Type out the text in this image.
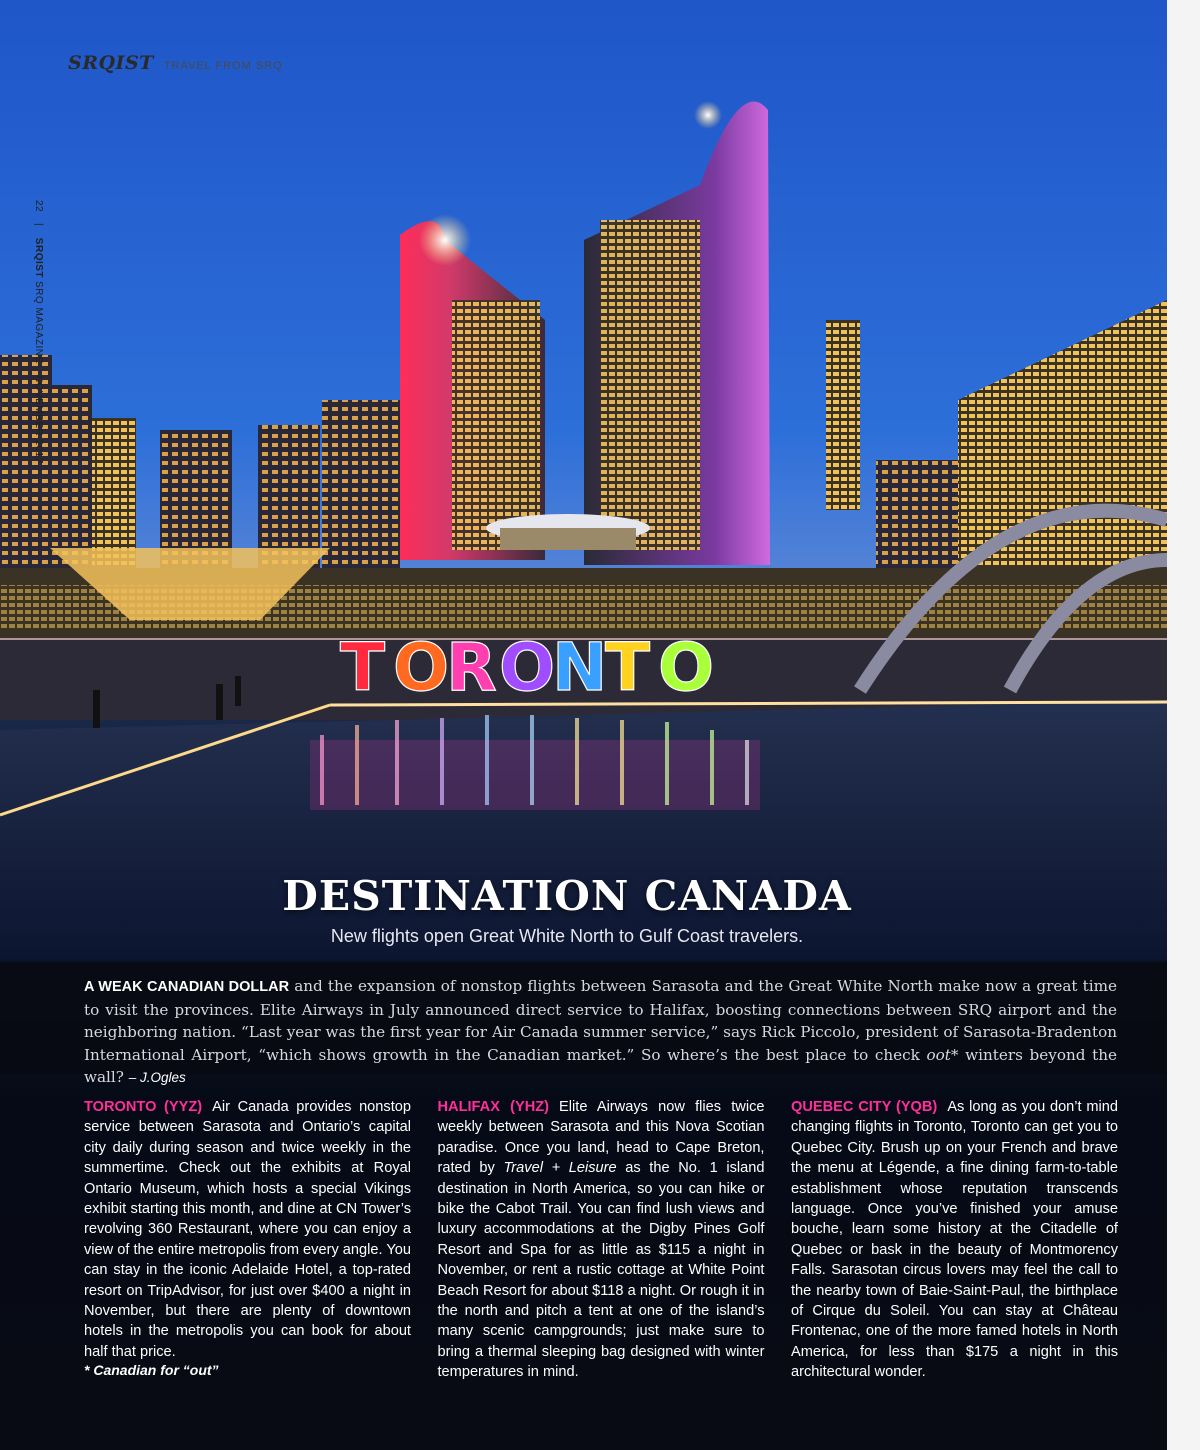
T O
R O
N
T O
SRQIST TRAVEL FROM SRQ
22 | SRQIST SRQ MAGAZINE NOVEMBER 2017
DESTINATION CANADA
New flights open Great White North to Gulf Coast travelers.
A WEAK CANADIAN DOLLAR and the expansion of nonstop flights between Sarasota and the Great White North make now a great time to visit the provinces. Elite Airways in July announced direct service to Halifax, boosting connections between SRQ airport and the neighboring nation. “Last year was the first year for Air Canada summer service,” says Rick Piccolo, president of Sarasota-Bradenton International Airport, “which shows growth in the Canadian market.” So where’s the best place to check oot* winters beyond the wall? – J.Ogles
TORONTO (YYZ) Air Canada provides nonstop service between Sarasota and Ontario’s capital city daily during season and twice weekly in the summertime. Check out the exhibits at Royal Ontario Museum, which hosts a special Vikings exhibit starting this month, and dine at CN Tower’s revolving 360 Restaurant, where you can enjoy a view of the entire metropolis from every angle. You can stay in the iconic Adelaide Hotel, a top-rated resort on TripAdvisor, for just over $400 a night in November, but there are plenty of downtown hotels in the metropolis you can book for about half that price.
HALIFAX (YHZ) Elite Airways now flies twice weekly between Sarasota and this Nova Scotian paradise. Once you land, head to Cape Breton, rated by Travel + Leisure as the No. 1 island destination in North America, so you can hike or bike the Cabot Trail. You can find lush views and luxury accommodations at the Digby Pines Golf Resort and Spa for as little as $115 a night in November, or rent a rustic cottage at White Point Beach Resort for about $118 a night. Or rough it in the north and pitch a tent at one of the island’s many scenic campgrounds; just make sure to bring a thermal sleeping bag designed with winter temperatures in mind.
QUEBEC CITY (YQB) As long as you don’t mind changing flights in Toronto, Toronto can get you to Quebec City. Brush up on your French and brave the menu at Légende, a fine dining farm-to-table establishment whose reputation transcends language. Once you’ve finished your amuse bouche, learn some history at the Citadelle of Quebec or bask in the beauty of Montmorency Falls. Sarasotan circus lovers may feel the call to the nearby town of Baie-Saint-Paul, the birthplace of Cirque du Soleil. You can stay at Château Frontenac, one of the more famed hotels in North America, for less than $175 a night in this architectural wonder.
* Canadian for “out”
